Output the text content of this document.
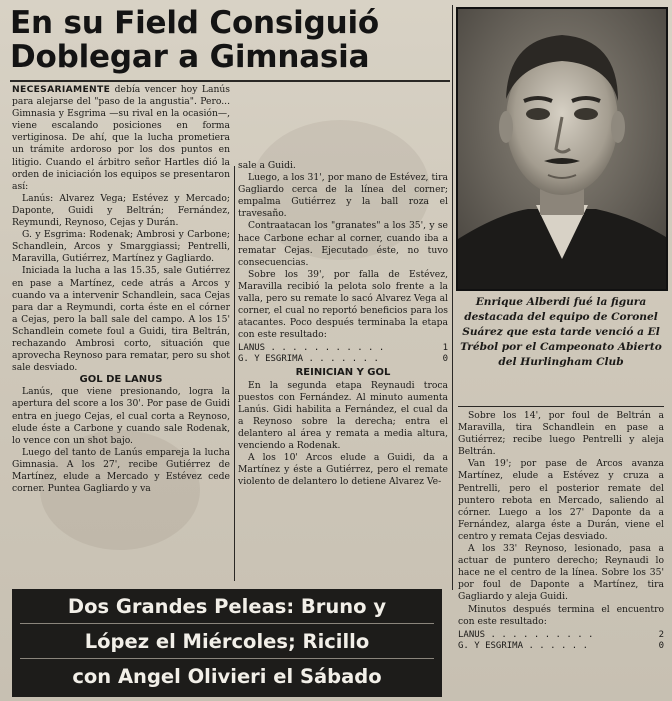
En su Field Consiguió
Doblegar a Gimnasia

NECESARIAMENTE debía vencer hoy Lanús para alejarse del "paso de la angustia". Pero... Gimnasia y Esgrima —su rival en la ocasión—, viene escalando posiciones en forma vertiginosa. De ahí, que la lucha prometiera un trámite ardoroso por los dos puntos en litigio. Cuando el árbitro señor Hartles dió la orden de iniciación los equipos se presentaron así:

Lanús: Alvarez Vega; Estévez y Mercado; Daponte, Guidi y Beltrán; Fernández, Reymundi, Reynoso, Cejas y Durán.

G. y Esgrima: Rodenak; Ambrosi y Carbone; Schandlein, Arcos y Smarggiassi; Pentrelli, Maravilla, Gutiérrez, Martínez y Gagliardo.

Iniciada la lucha a las 15.35, sale Gutiérrez en pase a Martínez, cede atrás a Arcos y cuando va a intervenir Schandlein, saca Cejas para dar a Reymundi, corta éste en el córner a Cejas, pero la ball sale del campo. A los 15' Schandlein comete foul a Guidi, tira Beltrán, rechazando Ambrosi corto, situación que aprovecha Reynoso para rematar, pero su shot sale desviado.

GOL DE LANUS

Lanús, que viene presionando, logra la apertura del score a los 30'. Por pase de Guidi entra en juego Cejas, el cual corta a Reynoso, elude éste a Carbone y cuando sale Rodenak, lo vence con un shot bajo.

Luego del tanto de Lanús empareja la lucha Gimnasia. A los 27', recibe Gutiérrez de Martínez, elude a Mercado y Estévez cede corner. Puntea Gagliardo y va

sale a Guidi.

Luego, a los 31', por mano de Estévez, tira Gagliardo cerca de la línea del corner; empalma Gutiérrez y la ball roza el travesaño.

Contraatacan los "granates" a los 35', y se hace Carbone echar al corner, cuando iba a rematar Cejas. Ejecutado éste, no tuvo consecuencias.

Sobre los 39', por falla de Estévez, Maravilla recibió la pelota solo frente a la valla, pero su remate lo sacó Alvarez Vega al corner, el cual no reportó beneficios para los atacantes. Poco después terminaba la etapa con este resultado:

LANUS . . . . . . . . . . .	1
G. Y ESGRIMA . . . . . . .	0

REINICIAN Y GOL

En la segunda etapa Reynaudi troca puestos con Fernández. Al minuto aumenta Lanús. Gidi habilita a Fernández, el cual da a Reynoso sobre la derecha; entra el delantero al área y remata a media altura, venciendo a Rodenak.

A los 10' Arcos elude a Guidi, da a Martínez y éste a Gutiérrez, pero el remate violento de delantero lo detiene Alvarez Ve-

Enrique Alberdi fué la figura destacada del equipo de Coronel Suárez que esta tarde venció a El Trébol por el Campeonato Abierto del Hurlingham Club

Sobre los 14', por foul de Beltrán a Maravilla, tira Schandlein en pase a Gutiérrez; recibe luego Pentrelli y aleja Beltrán.

Van 19'; por pase de Arcos avanza Martínez, elude a Estévez y cruza a Pentrelli, pero el posterior remate del puntero rebota en Mercado, saliendo al córner. Luego a los 27' Daponte da a Fernández, alarga éste a Durán, viene el centro y remata Cejas desviado.

A los 33' Reynoso, lesionado, pasa a actuar de puntero derecho; Reynaudi lo hace ne el centro de la línea. Sobre los 35' por foul de Daponte a Martínez, tira Gagliardo y aleja Guidi.

Minutos después termina el encuentro con este resultado:

LANUS . . . . . . . . . .	2
G. Y ESGRIMA . . . . . .	0
Dos Grandes Peleas: Bruno y
López el Miércoles; Ricillo
con Angel Olivieri el Sábado
